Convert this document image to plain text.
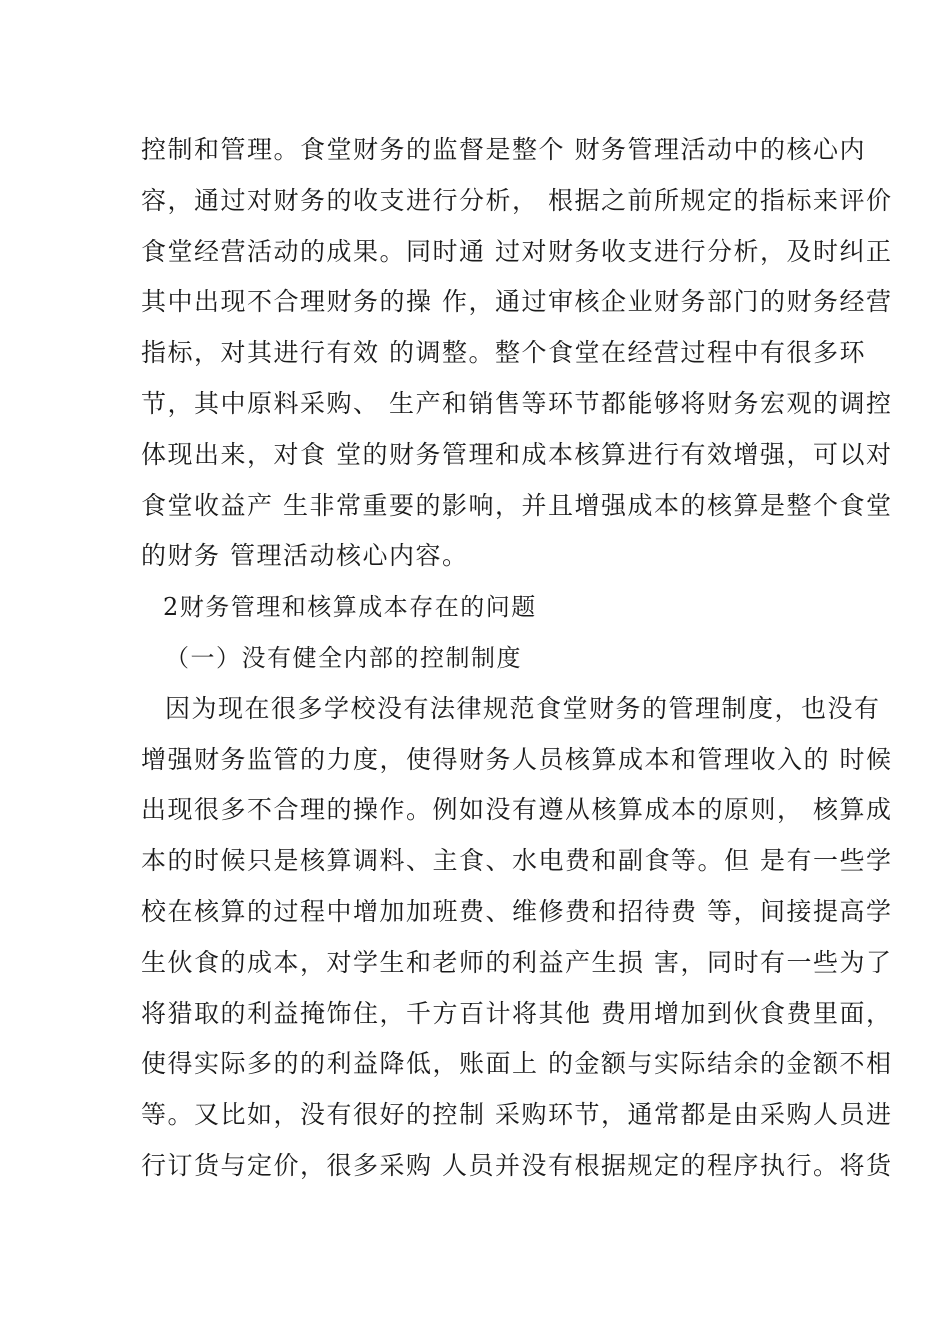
控制和管理。食堂财务的监督是整个 财务管理活动中的核心内
容，通过对财务的收支进行分析， 根据之前所规定的指标来评价
食堂经营活动的成果。同时通 过对财务收支进行分析，及时纠正
其中出现不合理财务的操 作，通过审核企业财务部门的财务经营
指标，对其进行有效 的调整。整个食堂在经营过程中有很多环
节，其中原料采购、 生产和销售等环节都能够将财务宏观的调控
体现出来，对食 堂的财务管理和成本核算进行有效增强，可以对
食堂收益产 生非常重要的影响，并且增强成本的核算是整个食堂
的财务 管理活动核心内容。
2财务管理和核算成本存在的问题
（一）没有健全内部的控制制度
因为现在很多学校没有法律规范食堂财务的管理制度，也没有
增强财务监管的力度，使得财务人员核算成本和管理收入的 时候
出现很多不合理的操作。例如没有遵从核算成本的原则， 核算成
本的时候只是核算调料、主食、水电费和副食等。但 是有一些学
校在核算的过程中增加加班费、维修费和招待费 等，间接提高学
生伙食的成本，对学生和老师的利益产生损 害，同时有一些为了
将猎取的利益掩饰住，千方百计将其他 费用增加到伙食费里面，
使得实际多的的利益降低，账面上 的金额与实际结余的金额不相
等。又比如，没有很好的控制 采购环节，通常都是由采购人员进
行订货与定价，很多采购 人员并没有根据规定的程序执行。将货
